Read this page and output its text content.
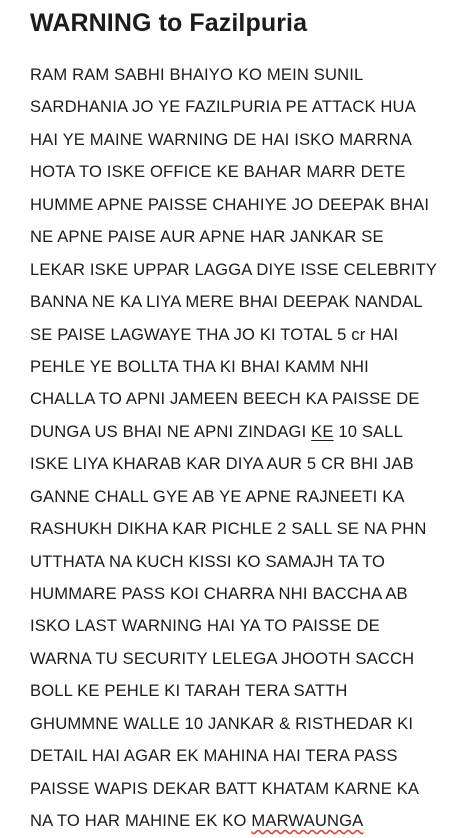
WARNING to Fazilpuria
RAM RAM SABHI BHAIYO KO MEIN SUNIL
SARDHANIA JO YE FAZILPURIA PE ATTACK HUA
HAI YE MAINE WARNING DE HAI ISKO MARRNA
HOTA TO ISKE OFFICE KE BAHAR MARR DETE
HUMME APNE PAISSE CHAHIYE JO DEEPAK BHAI
NE APNE PAISE AUR APNE HAR JANKAR SE
LEKAR ISKE UPPAR LAGGA DIYE ISSE CELEBRITY
BANNA NE KA LIYA MERE BHAI DEEPAK NANDAL
SE PAISE LAGWAYE THA JO KI TOTAL 5 cr HAI
PEHLE YE BOLLTA THA KI BHAI KAMM NHI
CHALLA TO APNI JAMEEN BEECH KA PAISSE DE
DUNGA US BHAI NE APNI ZINDAGI KE 10 SALL
ISKE LIYA KHARAB KAR DIYA AUR 5 CR BHI JAB
GANNE CHALL GYE AB YE APNE RAJNEETI KA
RASHUKH DIKHA KAR PICHLE 2 SALL SE NA PHN
UTTHATA NA KUCH KISSI KO SAMAJH TA TO
HUMMARE PASS KOI CHARRA NHI BACCHA AB
ISKO LAST WARNING HAI YA TO PAISSE DE
WARNA TU SECURITY LELEGA JHOOTH SACCH
BOLL KE PEHLE KI TARAH TERA SATTH
GHUMMNE WALLE 10 JANKAR & RISTHEDAR KI
DETAIL HAI AGAR EK MAHINA HAI TERA PASS
PAISSE WAPIS DEKAR BATT KHATAM KARNE KA
NA TO HAR MAHINE EK KO MARWAUNGA
